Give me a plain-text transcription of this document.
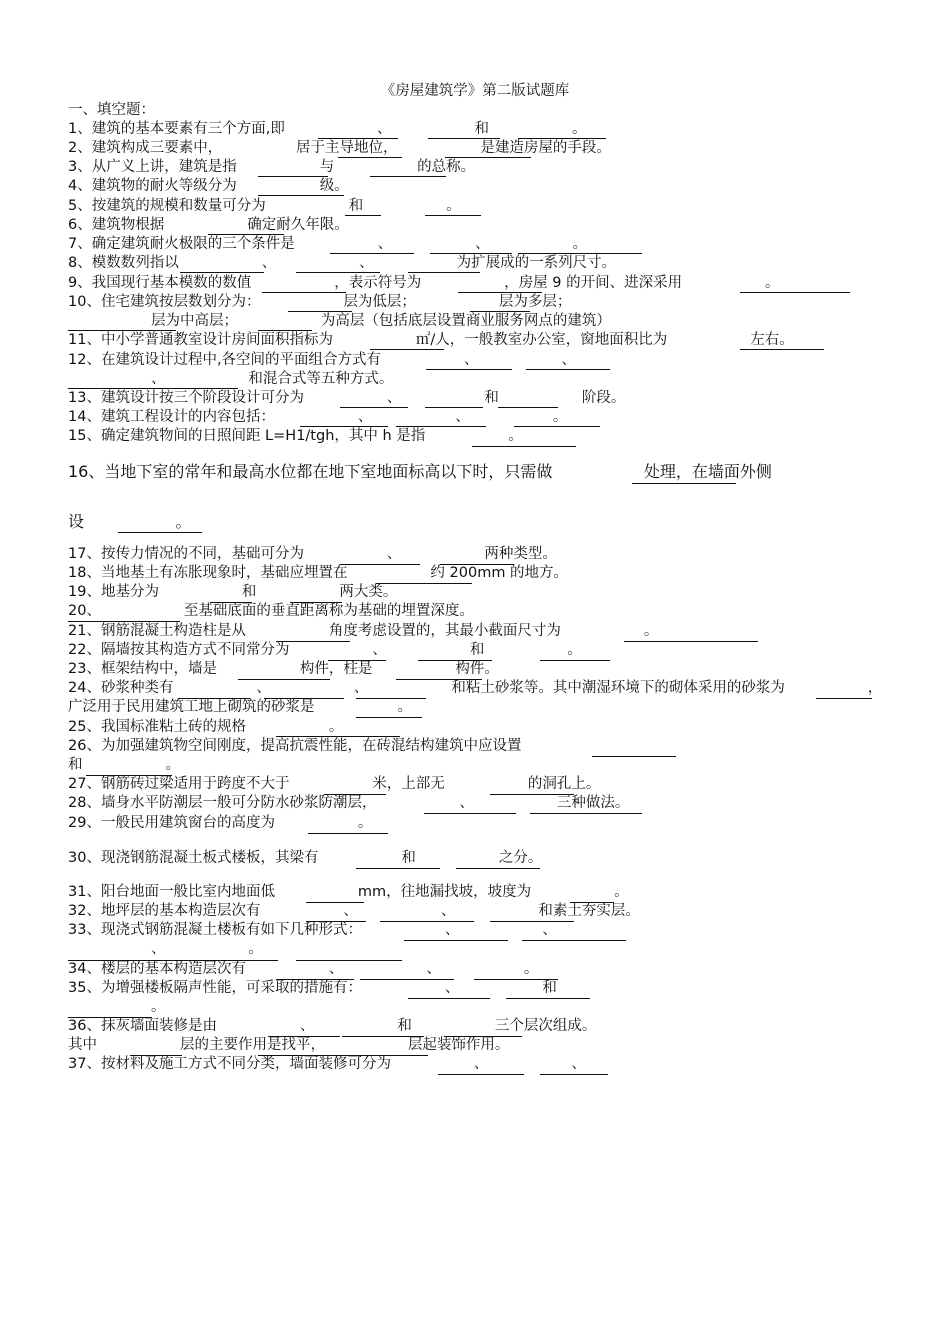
《房屋建筑学》第二版试题库
一、填空题：
1、建筑的基本要素有三个方面,即                    、                  和                  。
2、建筑构成三要素中，                居于主导地位，                  是建造房屋的手段。
3、从广义上讲，建筑是指                  与                  的总称。
4、建筑物的耐火等级分为                  级。
5、按建筑的规模和数量可分为                  和                  。
6、建筑物根据                  确定耐久年限。
7、确定建筑耐火极限的三个条件是                  、                  、                  。
8、模数数列指以                  、                  、                  为扩展成的一系列尺寸。
9、我国现行基本模数的数值                  ，表示符号为                  ，房屋 9 的开间、进深采用                  。
10、住宅建筑按层数划分为：                  层为低层；                  层为多层；
层为中高层；                  为高层（包括底层设置商业服务网点的建筑）
11、中小学普通教室设计房间面积指标为                  ㎡/人，一般教室办公室，窗地面积比为                  左右。
12、在建筑设计过程中,各空间的平面组合方式有                  、                  、
、                  和混合式等五种方式。
13、建筑设计按三个阶段设计可分为                  、                  和                  阶段。
14、建筑工程设计的内容包括：                  、                  、                  。
15、确定建筑物间的日照间距 L=H1/tgh，其中 h 是指                  。
16、当地下室的常年和最高水位都在地下室地面标高以下时，只需做                  处理，在墙面外侧
设                  。
17、按传力情况的不同，基础可分为                  、                  两种类型。
18、当地基土有冻胀现象时，基础应埋置在                  约 200mm 的地方。
19、地基分为                  和                  两大类。
20、                  至基础底面的垂直距离称为基础的埋置深度。
21、钢筋混凝土构造柱是从                  角度考虑设置的，其最小截面尺寸为                  。
22、隔墙按其构造方式不同常分为                  、                  和                  。
23、框架结构中，墙是                  构件，柱是                  构件。
24、砂浆种类有                  、                  、                  和粘土砂浆等。其中潮湿环境下的砌体采用的砂浆为                  ，
广泛用于民用建筑工地上砌筑的砂浆是                  。
25、我国标准粘土砖的规格                  。
26、为加强建筑物空间刚度，提高抗震性能，在砖混结构建筑中应设置
和                  。
27、钢筋砖过梁适用于跨度不大于                  米，上部无                  的洞孔上。
28、墙身水平防潮层一般可分防水砂浆防潮层，                  、                  三种做法。
29、一般民用建筑窗台的高度为                  。
30、现浇钢筋混凝土板式楼板，其梁有                  和                  之分。
31、阳台地面一般比室内地面低                  mm，往地漏找坡，坡度为                  。
32、地坪层的基本构造层次有                  、                  、                  和素土夯实层。
33、现浇式钢筋混凝土楼板有如下几种形式：                  、                  、
、                  。
34、楼层的基本构造层次有                  、                  、                  。
35、为增强楼板隔声性能，可采取的措施有：                  、                  和
。
36、抹灰墙面装修是由                  、                  和                  三个层次组成。
其中                  层的主要作用是找平，                  层起装饰作用。
37、按材料及施工方式不同分类，墙面装修可分为                  、                  、
